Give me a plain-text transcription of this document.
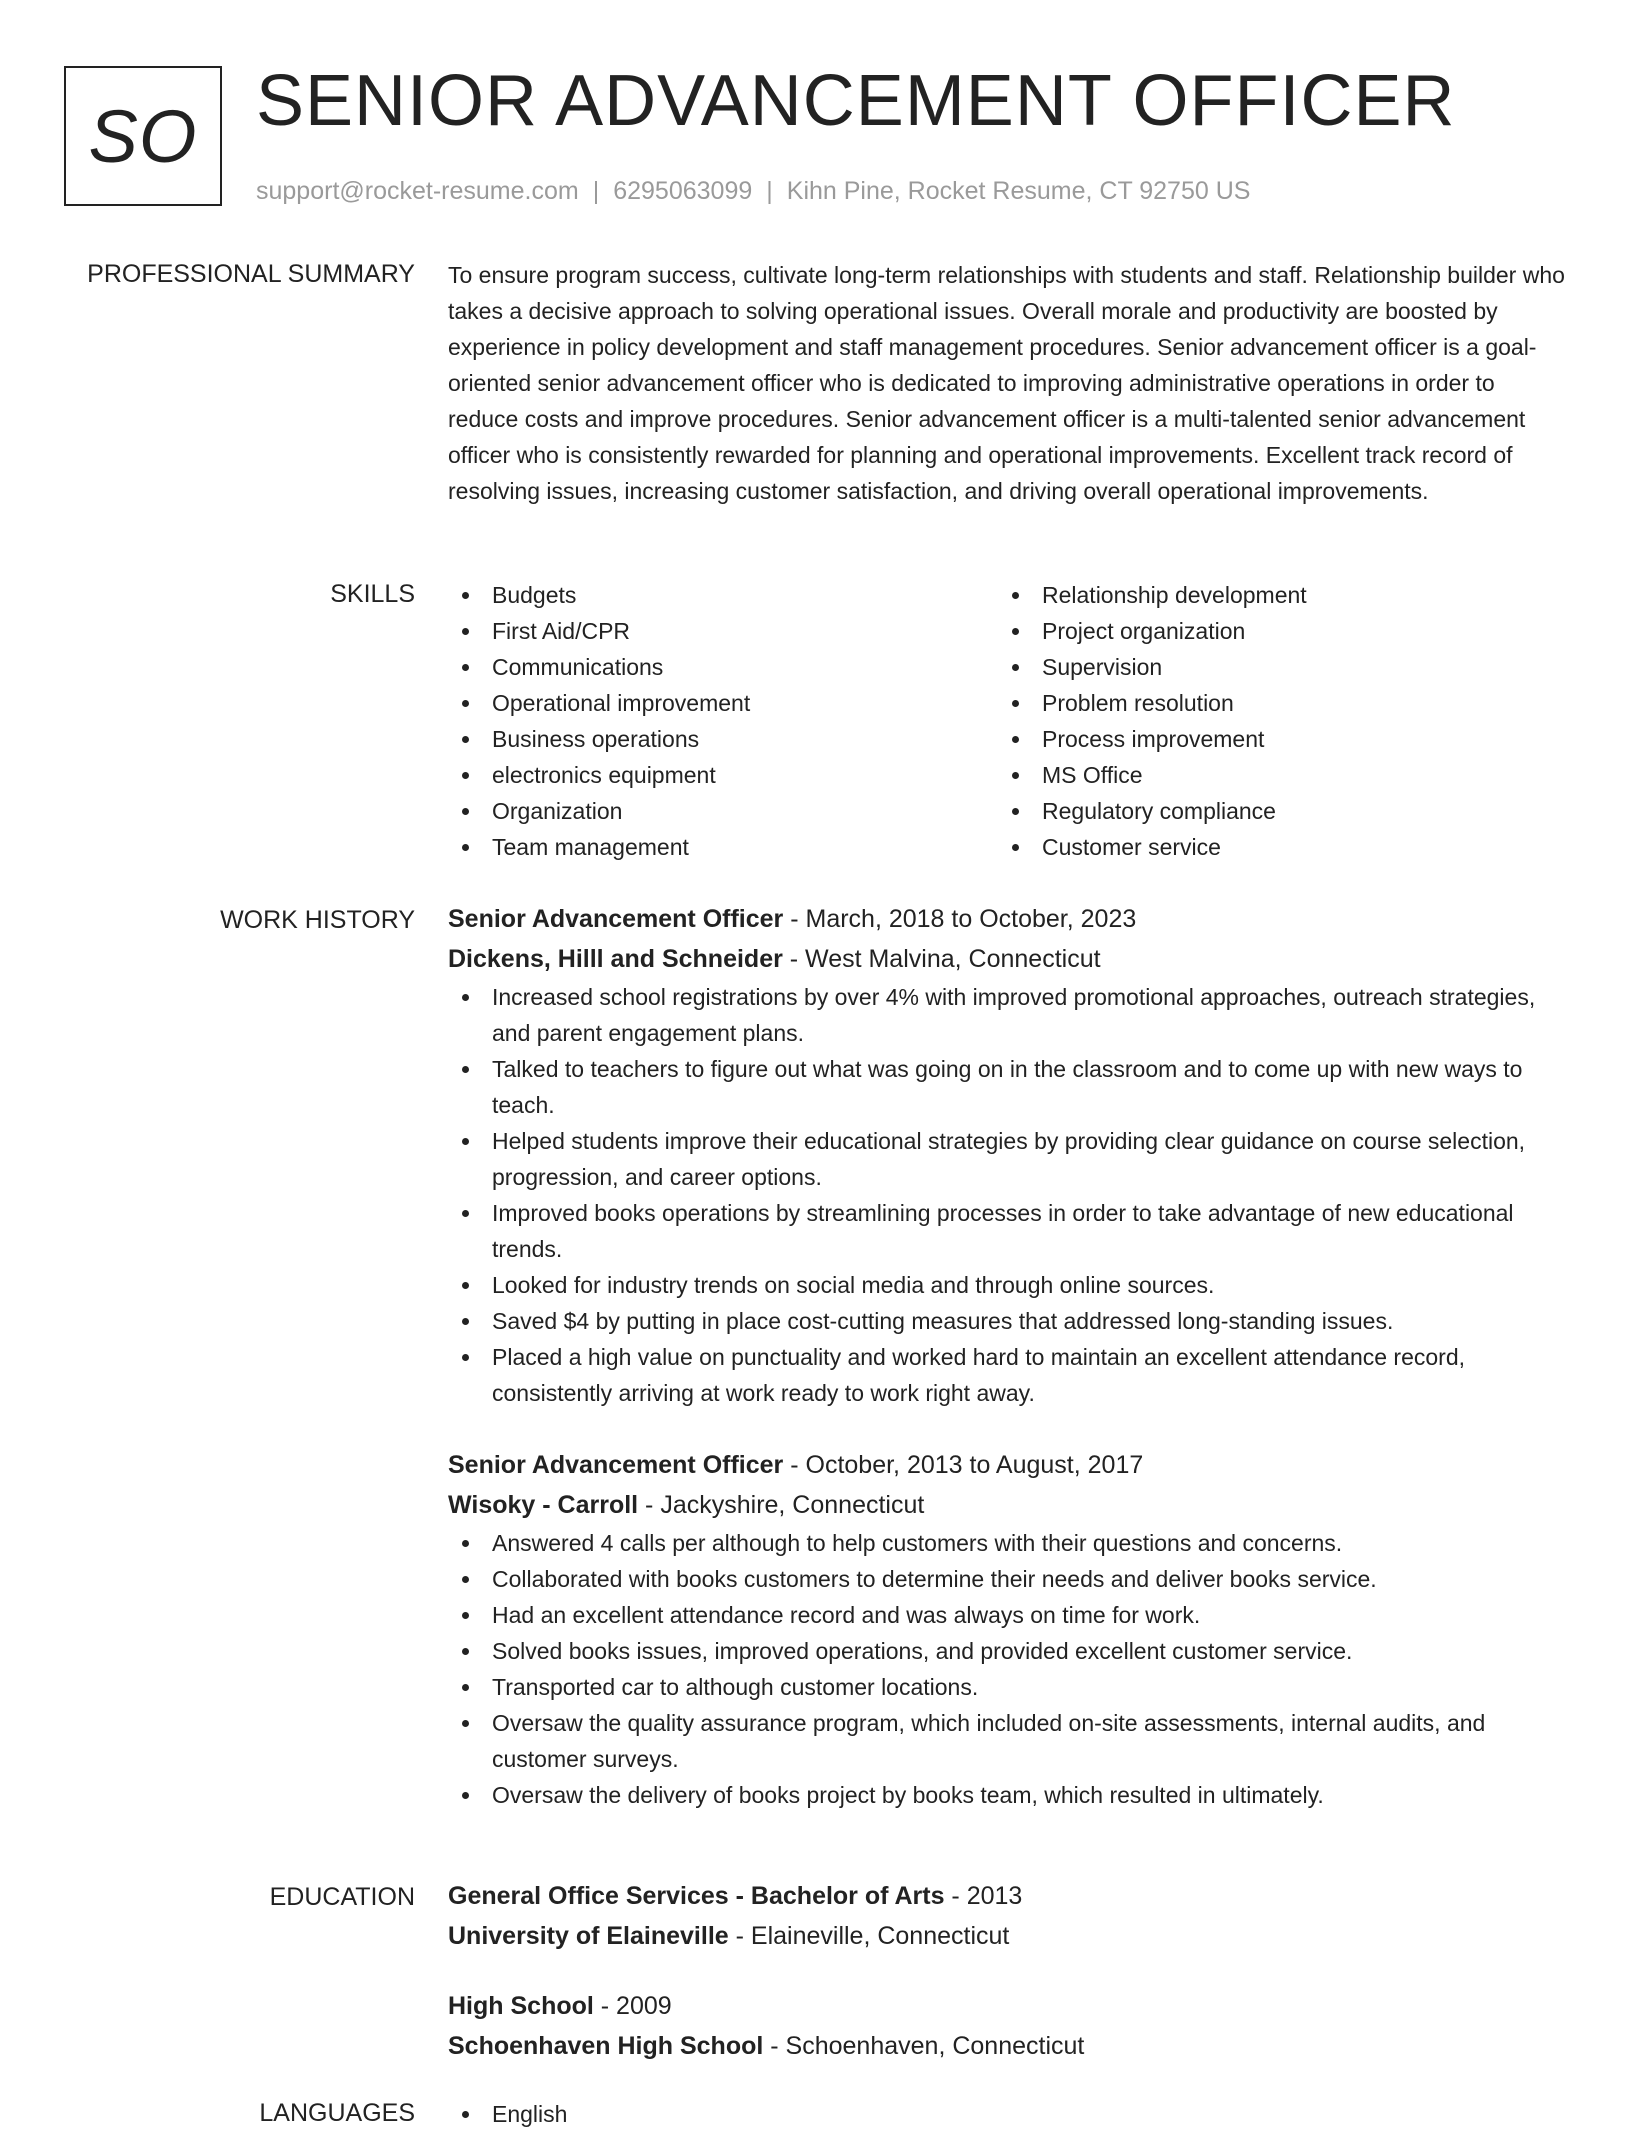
SO SENIOR ADVANCEMENT OFFICER
support@rocket-resume.com | 6295063099 | Kihn Pine, Rocket Resume, CT 92750 US
PROFESSIONAL SUMMARY To ensure program success, cultivate long-term relationships with students and staff. Relationship builder who takes a decisive approach to solving operational issues. Overall morale and productivity are boosted by experience in policy development and staff management procedures. Senior advancement officer is a goal-oriented senior advancement officer who is dedicated to improving administrative operations in order to reduce costs and improve procedures. Senior advancement officer is a multi-talented senior advancement officer who is consistently rewarded for planning and operational improvements. Excellent track record of resolving issues, increasing customer satisfaction, and driving overall operational improvements.

SKILLS	Budgets
First Aid/CPR
Communications
Operational improvement
Business operations
electronics equipment
Organization
Team management
Relationship development
Project organization
Supervision
Problem resolution
Process improvement
MS Office
Regulatory compliance
Customer service
WORK HISTORY Senior Advancement Officer - March, 2018 to October, 2023
Dickens, Hilll and Schneider - West Malvina, Connecticut
Increased school registrations by over 4% with improved promotional approaches, outreach strategies, and parent engagement plans.
Talked to teachers to figure out what was going on in the classroom and to come up with new ways to teach.
Helped students improve their educational strategies by providing clear guidance on course selection, progression, and career options.
Improved books operations by streamlining processes in order to take advantage of new educational trends.
Looked for industry trends on social media and through online sources.
Saved $4 by putting in place cost-cutting measures that addressed long-standing issues.
Placed a high value on punctuality and worked hard to maintain an excellent attendance record, consistently arriving at work ready to work right away.
Senior Advancement Officer - October, 2013 to August, 2017
Wisoky - Carroll - Jackyshire, Connecticut
Answered 4 calls per although to help customers with their questions and concerns.
Collaborated with books customers to determine their needs and deliver books service.
Had an excellent attendance record and was always on time for work.
Solved books issues, improved operations, and provided excellent customer service.
Transported car to although customer locations.
Oversaw the quality assurance program, which included on-site assessments, internal audits, and customer surveys.
Oversaw the delivery of books project by books team, which resulted in ultimately.
EDUCATION General Office Services - Bachelor of Arts - 2013
University of Elaineville - Elaineville, Connecticut
High School - 2009
Schoenhaven High School - Schoenhaven, Connecticut
LANGUAGES	English
